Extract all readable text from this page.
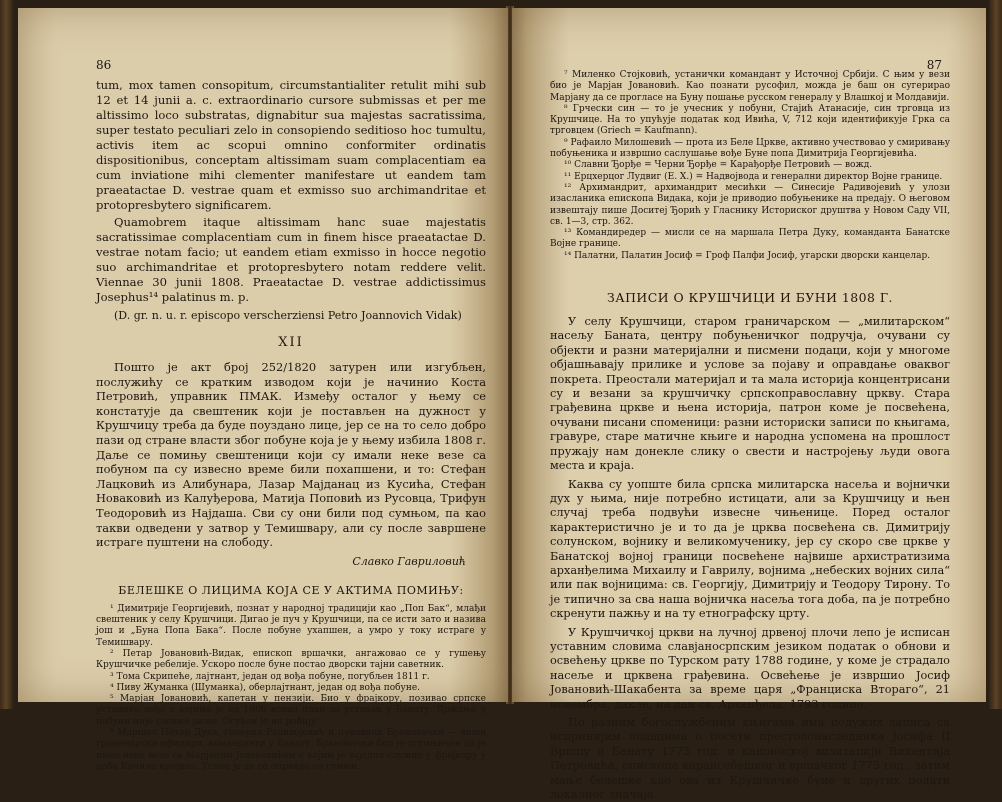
86

tum, mox tamen consopitum, circumstantialiter retulit mihi sub 12 et 14 junii a. c. extraordinario cursore submissas et per me altissimo loco substratas, dignabitur sua majestas sacratissima, super testato peculiari zelo in consopiendo seditioso hoc tumultu, activis item ac scopui omnino conformiter ordinatis dispositionibus, conceptam altissimam suam complacentiam ea cum inviatione mihi clementer manifestare ut eandem tam praeatactae D. vestrae quam et exmisso suo archimandritae et protopresbytero significarem.

Quamobrem itaque altissimam hanc suae majestatis sacratissimae complacentiam cum in finem hisce praeatactae D. vestrae notam facio; ut eandem etiam exmisso in hocce negotio suo archimandritae et protopresbytero notam reddere velit. Viennae 30 junii 1808. Praeatactae D. vestrae addictissimus Josephus¹⁴ palatinus m. p.

(D. gr. n. u. r. episcopo verscherziensi Petro Joannovich Vidak)

XII

Пошто је акт број 252/1820 затурен или изгубљен, послужићу се кратким изводом који је начинио Коста Петровић, управник ПМАК. Између осталог у њему се констатује да свештеник који је постављен на дужност у Крушчицу треба да буде поуздано лице, јер се на то село добро пази од стране власти због побуне која је у њему избила 1808 г. Даље се помињу свештеници који су имали неке везе са побуном па су извесно време били похапшени, и то: Стефан Лацковић из Алибунара, Лазар Мајданац из Кусића, Стефан Новаковић из Калуђерова, Матија Поповић из Русовца, Трифун Теодоровић из Најдаша. Сви су они били под сумњом, па као такви одведени у затвор у Темишвару, али су после завршене истраге пуштени на слободу.

Славко Гавриловић

БЕЛЕШКЕ О ЛИЦИМА КОЈА СЕ У АКТИМА ПОМИЊУ:

¹ Димитрије Георгијевић, познат у народној традицији као „Поп Бак“, млађи свештеник у селу Крушчици. Дигао је пуч у Крушчици, па се исти зато и назива још и „Буна Попа Бака“. После побуне ухапшен, а умро у току истраге у Темишвару.

² Петар Јовановић-Видак, епископ вршачки, ангажовао се у гушењу Крушчичке ребелије. Ускоро после буне постао дворски тајни саветник.

³ Тома Скрипеће, лајтнант, један од вођа побуне, погубљен 1811 г.

⁴ Пиву Жуманка (Шуманка), оберлајтнант, један од вођа побуне.

⁵ Марјан Јовановић, капетан у пензији. Био у фрајкору, позивао српске устанике вође с којима је од 1806 ковао план за устанак у Банату. Држање у побуни није сасвим јасно. Осуђен је на робију.

⁶ Маршал Петар Дука, генерал Радивојевић и пуковник Брановачки — виши граничарски официри, команданти у Банату. Брановачки био је осумњичен да је имао неке везе са Марјаном Јовановићем с којим је заједно служио у фрајкору у доба Кочине крајине. Успео је да се оправда од сумњи.

87

⁷ Миленко Стојковић, устанички командант у Источној Србији. С њим у вези био је Марјан Јовановић. Као познати русофил, можда је баш он сугерирао Марјану да се прогласе на Буну пошање русском генералу у Влашкој и Молдавији.

⁸ Грчески син — то је учесник у побуни, Стајић Атанасије, син трговца из Крушчице. На то упућује податак код Ивића, V, 712 који идентификује Грка са трговцем (Griech = Kaufmann).

⁹ Рафаило Милошевић — прота из Беле Цркве, активно учествовао у смиривању побуњеника и извршио саслушање вође Буне попа Димитрија Георгијевића.

¹⁰ Славни Ђорђе = Черни Ђорђе = Карађорђе Петровић — вожд.

¹¹ Ерцхерцог Лудвиг (Е. Х.) = Надвојвода и генерални директор Војне границе.

¹² Архимандрит, архимандрит месићки — Синесије Радивојевић у улози изасланика епископа Видака, који је приводио побуњенике на предају. О његовом извештају пише Доситеј Ђорић у Гласнику Историског друштва у Новом Саду VII, св. 1—3, стр. 362.

¹³ Командиредер — мисли се на маршала Петра Дуку, команданта Банатске Војне границе.

¹⁴ Палатни, Палатин Јосиф = Гроф Палфи Јосиф, угарски дворски канцелар.

ЗАПИСИ О КРУШЧИЦИ И БУНИ 1808 Г.

У селу Крушчици, старом граничарском — „милитарском“ насељу Баната, центру побуњеничког подручја, очувани су објекти и разни материјални и писмени подаци, који у многоме објашњавају прилике и услове за појаву и оправдање оваквог покрета. Преостали материјал и та мала историја концентрисани су и везани за крушчичку српскоправославну цркву. Стара грађевина цркве и њена историја, патрон коме је посвећена, очувани писани споменици: разни историски записи по књигама, гравуре, старе матичне књиге и народна успомена на прошлост пружају нам донекле слику о свести и настројењу људи овога места и краја.

Каква су уопште била српска милитарска насеља и војнички дух у њима, није потребно истицати, али за Крушчицу и њен случај треба подвући извесне чињенице. Поред осталог карактеристично је и то да је црква посвећена св. Димитрију солунском, војнику и великомученику, јер су скоро све цркве у Банатској војној граници посвећене највише архистратизима арханђелима Михаилу и Гаврилу, војнима „небеских војних сила“ или пак војницима: св. Георгију, Димитрију и Теодору Тирону. То је типично за сва наша војничка насеља тога доба, па је потребно скренути пажњу и на ту етнографску црту.

У Крушчичкој цркви на лучној дрвеној плочи лепо је исписан уставним словима славјаносрпским језиком податак о обнови и освећењу цркве по Турском рату 1788 године, у коме је страдало насеље и црквена грађевина. Освећење је извршио Јосиф Јовановић-Шакабента за време царя „Франциска Вторагo“, 21 новембра, дакле, на дан св. Арханђела, 1793 године.

По разним богослужбеним књигама има подужих записа са исцрпнијим подацима о посети престолонаследника Јосифа II Вршцу и Банату 1773 год. и каноноској визитацији Викентија Петровића, епископа карансебешког и вршачког 1775 год., затим мање белешке као ова из Крушчичке буне и других подати локалног значаја.
